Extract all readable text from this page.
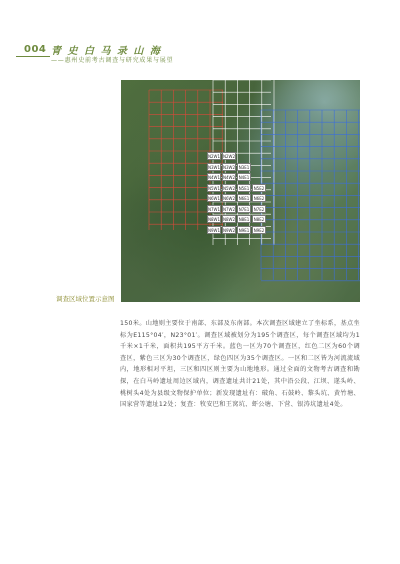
004 青 史 白 马 录 山 海
——惠州史前考古调查与研究成果与展望
N2W1 N2W2
N3W1 N3W2 N3E1
N4W1 N4W2 N4E1
N5W1 N5W2 N5E1	N5E2
N6W1 N6W2 N6E1	N6E2
N7W1 N7W2 N7E1	N7E2
N8W1 N8W2 N8E1	N8E2
N9W1 N9W2 N9E1	N9E2
调查区域位置示意图
150米。山地则主要位于南部、东部及东南部。本次调查区域建立了坐标系，基点坐标为E115°04′，N23°01′。调查区域被划分为195个调查区，每个调查区域均为1千米×1千米，面积共195平方千米。蓝色一区为70个调查区，红色二区为60个调查区，紫色三区为30个调查区，绿色四区为35个调查区。一区和二区皆为河流流域内，地形相对平坦，三区和四区则主要为山地地形。通过全面的文物考古调查和勘探，在白马岭遗址周边区域内，调查遗址共计21处，其中沿公段、江坝、遂头岭、桃树头4处为县级文物保护单位；新发现遗址有：破角、石鼓岭、黎头坑、黄竹塘、国家营等遗址12处；复查：牧安巴和王窝坑、虾公塘、下营、银涛坑遗址4处。
